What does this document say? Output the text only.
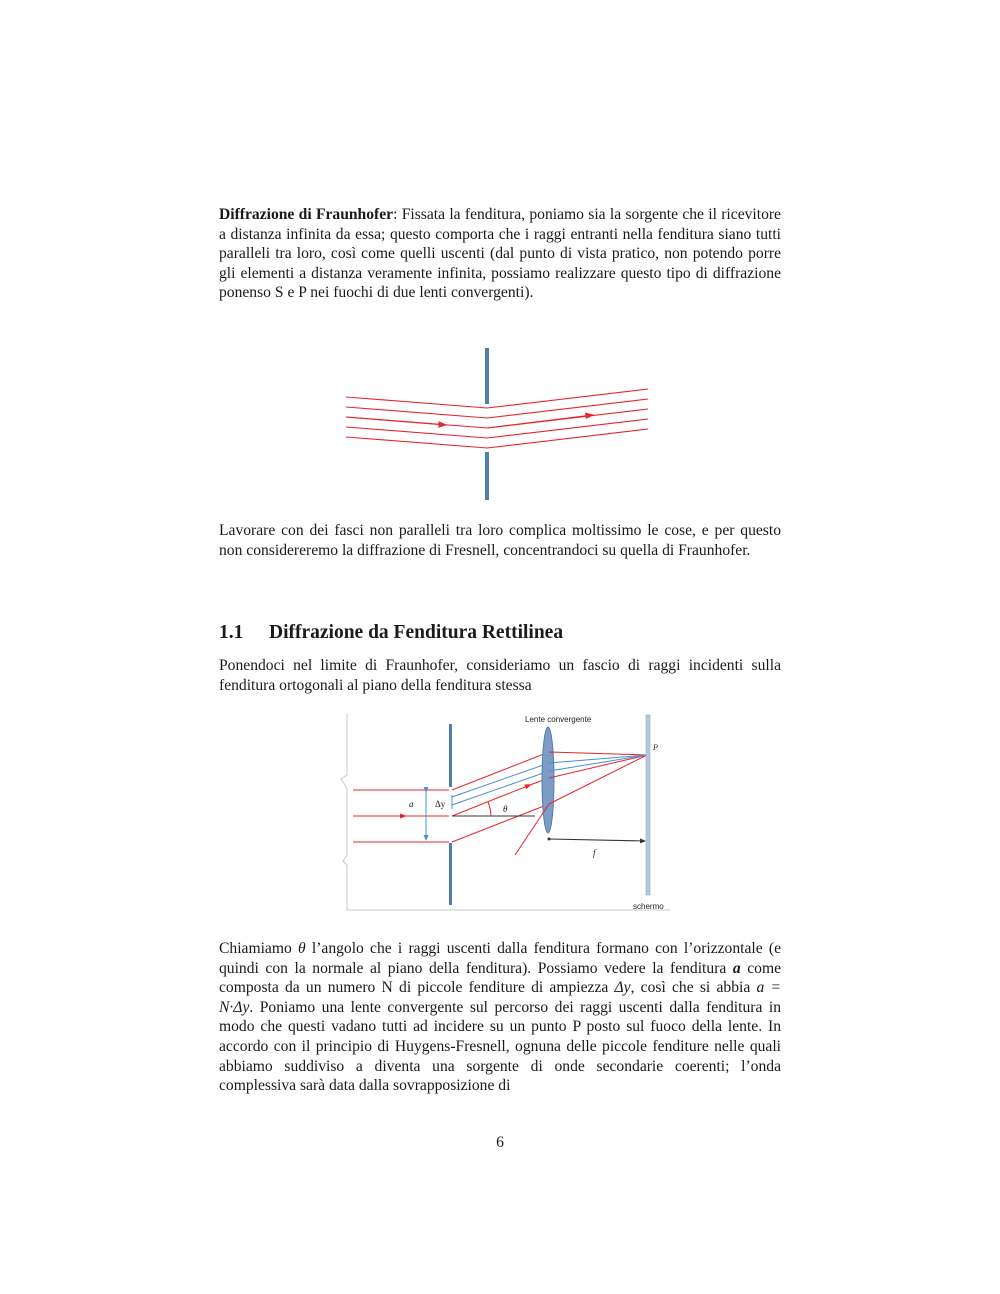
Diffrazione di Fraunhofer: Fissata la fenditura, poniamo sia la sorgente che il ricevitore a distanza infinita da essa; questo comporta che i raggi entranti nella fenditura siano tutti paralleli tra loro, così come quelli uscenti (dal punto di vista pratico, non potendo porre gli elementi a distanza veramente infinita, possiamo realizzare questo tipo di diffrazione ponenso S e P nei fuochi di due lenti convergenti).

Lavorare con dei fasci non paralleli tra loro complica moltissimo le cose, e per questo non considereremo la diffrazione di Fresnell, concentrandoci su quella di Fraunhofer.

1.1 Diffrazione da Fenditura Rettilinea

Ponendoci nel limite di Fraunhofer, consideriamo un fascio di raggi incidenti sulla fenditura ortogonali al piano della fenditura stessa

a Δy	θ
Lente convergente
P
schermo
f

Chiamiamo θ l’angolo che i raggi uscenti dalla fenditura formano con l’orizzontale (e quindi con la normale al piano della fenditura). Possiamo vedere la fenditura a come composta da un numero N di piccole fenditure di ampiezza Δy, così che si abbia a = N·Δy. Poniamo una lente convergente sul percorso dei raggi uscenti dalla fenditura in modo che questi vadano tutti ad incidere su un punto P posto sul fuoco della lente. In accordo con il principio di Huygens-Fresnell, ognuna delle piccole fenditure nelle quali abbiamo suddiviso a diventa una sorgente di onde secondarie coerenti; l’onda complessiva sarà data dalla sovrapposizione di

6
